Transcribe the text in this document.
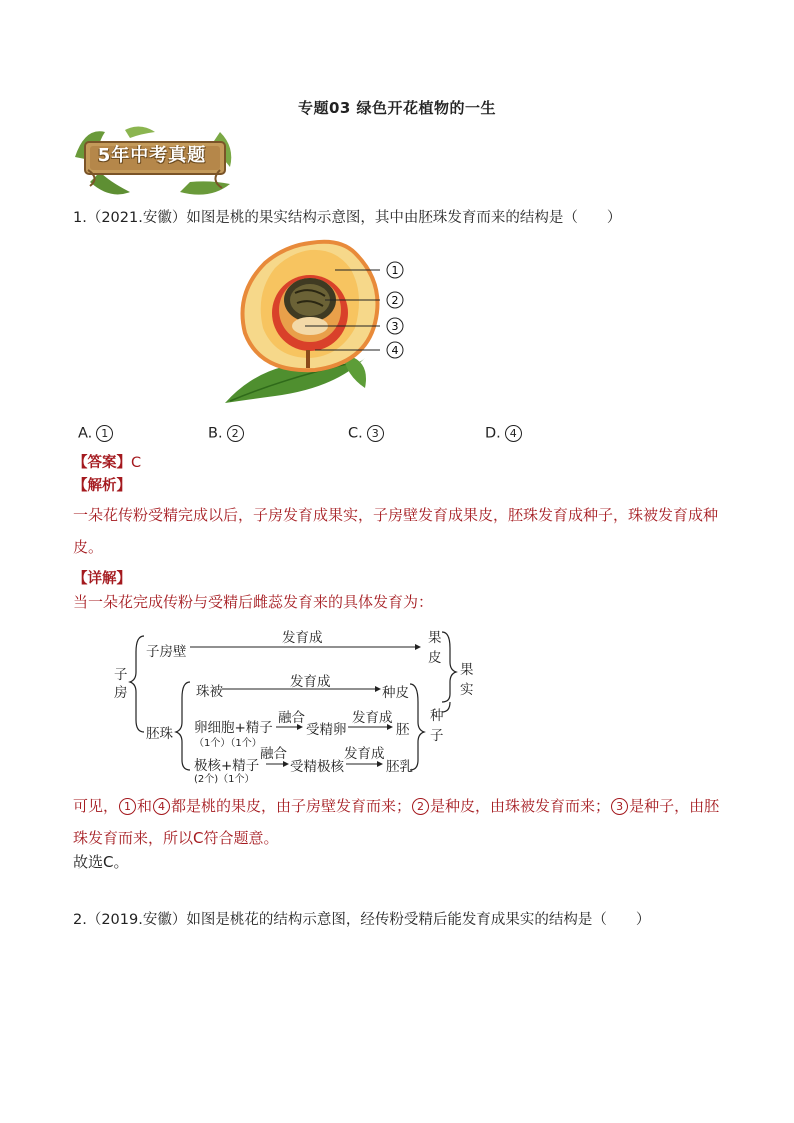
专题03 绿色开花植物的一生
5年中考真题
1.（2021.安徽）如图是桃的果实结构示意图，其中由胚珠发育而来的结构是（　　）
1
2
3
4
A. 1	B. 2	C. 3	D. 4
【答案】C
【解析】
一朵花传粉受精完成以后，子房发育成果实，子房壁发育成果皮，胚珠发育成种子，珠被发育成种皮。
【详解】
当一朵花完成传粉与受精后雌蕊发育来的具体发育为：
子
房
子房壁
发育成	果
皮
果
实
珠被
发育成
种皮
胚珠 卵细胞+精子
（1个）（1个）
融合
受精卵
发育成
胚
种
子
极核+精子
(2个)（1个）
融合
受精极核
发育成
胚乳
可见， 1 和 4 都是桃的果皮，由子房壁发育而来； 2 是种皮，由珠被发育而来； 3 是种子，由胚珠发育而来，所以C符合题意。
故选C。
2.（2019.安徽）如图是桃花的结构示意图，经传粉受精后能发育成果实的结构是（　　）
